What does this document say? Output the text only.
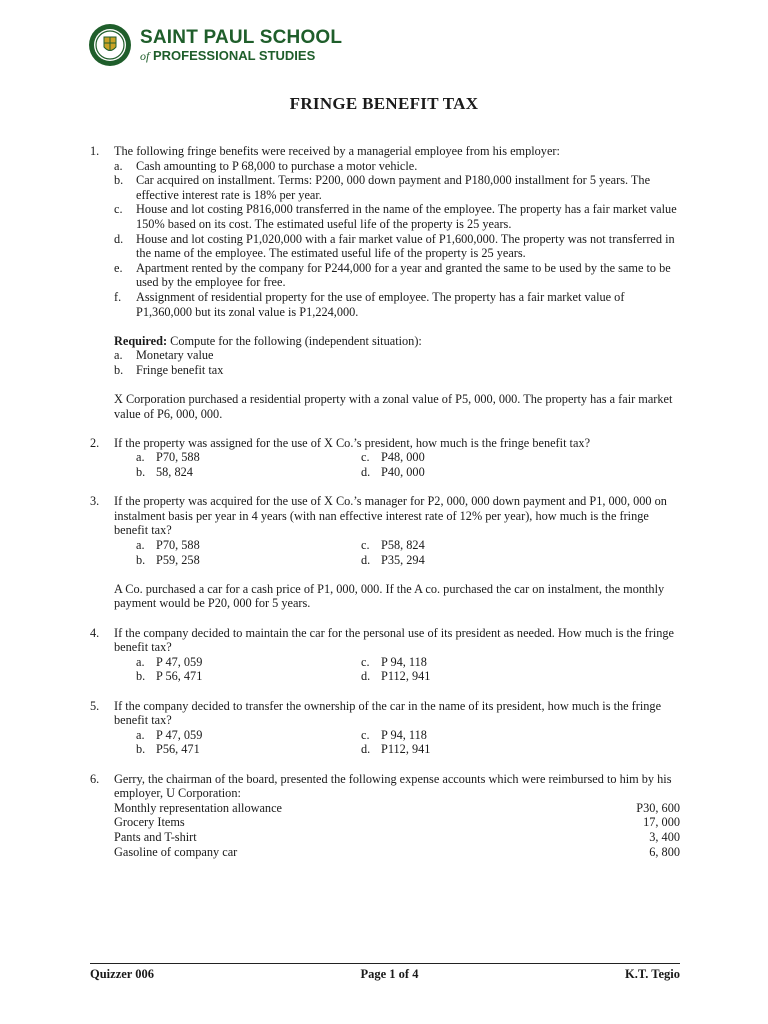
SAINT PAUL SCHOOL
of PROFESSIONAL STUDIES
FRINGE BENEFIT TAX
1.	The following fringe benefits were received by a managerial employee from his employer:
a.	Cash amounting to P 68,000 to purchase a motor vehicle.
b.	Car acquired on installment. Terms: P200, 000 down payment and P180,000 installment for 5 years. The effective interest rate is 18% per year.
c.	House and lot costing P816,000 transferred in the name of the employee. The property has a fair market value 150% based on its cost. The estimated useful life of the property is 25 years.
d.	House and lot costing P1,020,000 with a fair market value of P1,600,000. The property was not transferred in the name of the employee. The estimated useful life of the property is 25 years.
e.	Apartment rented by the company for P244,000 for a year and granted the same to be used by the same to be used by the employee for free.
f.	Assignment of residential property for the use of employee. The property has a fair market value of P1,360,000 but its zonal value is P1,224,000.
Required: Compute for the following (independent situation):
a.	Monetary value
b.	Fringe benefit tax
X Corporation purchased a residential property with a zonal value of P5, 000, 000. The property has a fair market value of P6, 000, 000.
2.	If the property was assigned for the use of X Co.’s president, how much is the fringe benefit tax?
a. P70, 588	c. P48, 000
b. 58, 824	d. P40, 000
3.	If the property was acquired for the use of X Co.’s manager for P2, 000, 000 down payment and P1, 000, 000 on instalment basis per year in 4 years (with nan effective interest rate of 12% per year), how much is the fringe benefit tax?
a. P70, 588	c. P58, 824
b. P59, 258	d. P35, 294
A Co. purchased a car for a cash price of P1, 000, 000. If the A co. purchased the car on instalment, the monthly payment would be P20, 000 for 5 years.
4.	If the company decided to maintain the car for the personal use of its president as needed. How much is the fringe benefit tax?
a. P 47, 059	c. P 94, 118
b. P 56, 471	d. P112, 941
5.	If the company decided to transfer the ownership of the car in the name of its president, how much is the fringe benefit tax?
a. P 47, 059	c. P 94, 118
b. P56, 471	d. P112, 941
6.	Gerry, the chairman of the board, presented the following expense accounts which were reimbursed to him by his employer, U Corporation:
Monthly representation allowance	P30, 600
Grocery Items	17, 000
Pants and T-shirt	3, 400
Gasoline of company car	6, 800
Quizzer 006	Page 1 of 4	K.T. Tegio
